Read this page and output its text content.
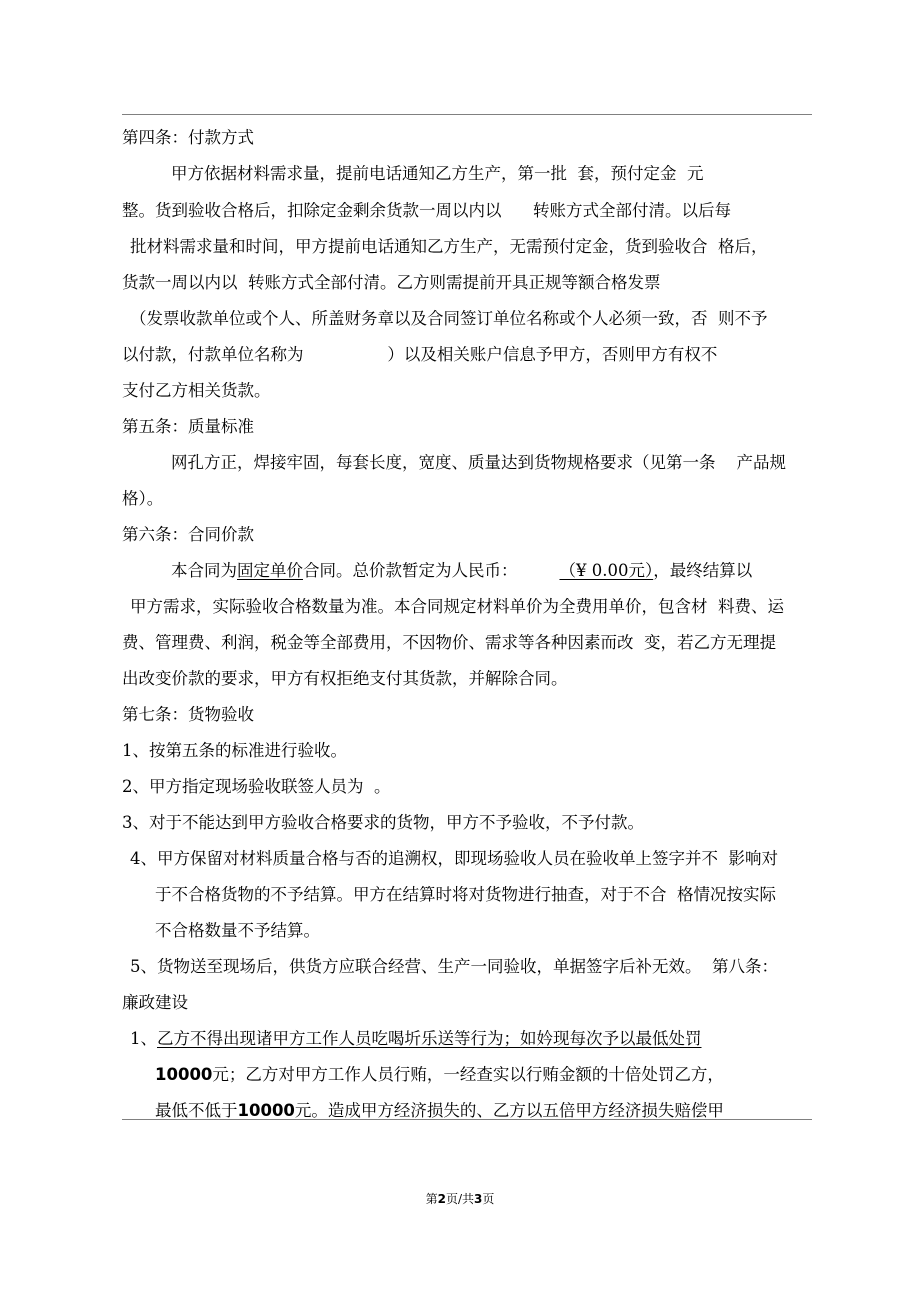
第四条：付款方式
甲方依据材料需求量，提前电话通知乙方生产，第一批  套，预付定金  元
整。货到验收合格后，扣除定金剩余货款一周以内以      转账方式全部付清。以后每
批材料需求量和时间，甲方提前电话通知乙方生产，无需预付定金，货到验收合  格后，
货款一周以内以  转账方式全部付清。乙方则需提前开具正规等额合格发票
（发票收款单位或个人、所盖财务章以及合同签订单位名称或个人必须一致，否  则不予
以付款，付款单位名称为                ）以及相关账户信息予甲方，否则甲方有权不
支付乙方相关货款。
第五条：质量标准
网孔方正，焊接牢固，每套长度，宽度、质量达到货物规格要求（见第一条    产品规
格）。
第六条：合同价款
本合同为固定单价合同。总价款暂定为人民币：        （¥ 0.00元），最终结算以
甲方需求，实际验收合格数量为准。本合同规定材料单价为全费用单价，包含材  料费、运
费、管理费、利润，税金等全部费用，不因物价、需求等各种因素而改  变，若乙方无理提
出改变价款的要求，甲方有权拒绝支付其货款，并解除合同。
第七条：货物验收
1、按第五条的标准进行验收。
2、甲方指定现场验收联签人员为  。
3、对于不能达到甲方验收合格要求的货物，甲方不予验收，不予付款。
4、甲方保留对材料质量合格与否的追溯权，即现场验收人员在验收单上签字并不  影响对
于不合格货物的不予结算。甲方在结算时将对货物进行抽查，对于不合  格情况按实际
不合格数量不予结算。
5、货物送至现场后，供货方应联合经营、生产一同验收，单据签字后补无效。  第八条：
廉政建设
1、乙方不得出现诸甲方工作人员吃喝圻乐送等行为；如妗现每次予以最低处罚
10000元；乙方对甲方工作人员行贿，一经查实以行贿金额的十倍处罚乙方，
最低不低于10000元。造成甲方经济损失的、乙方以五倍甲方经济损失赔偿甲
第2页/共3页
